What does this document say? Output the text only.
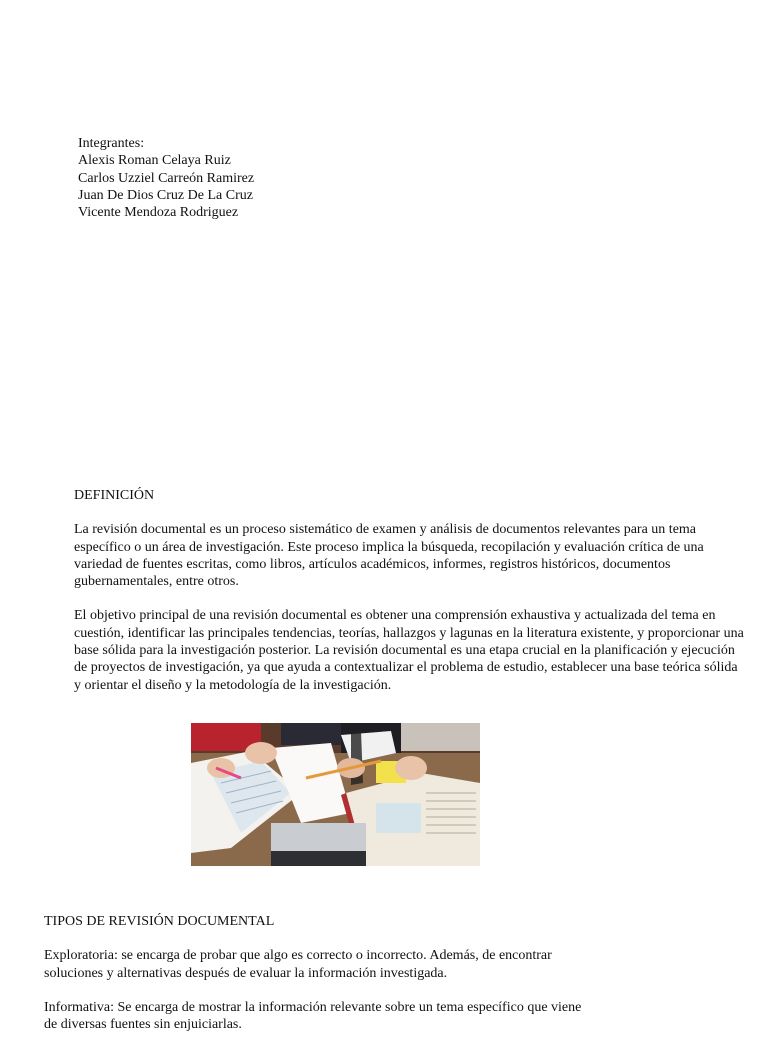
Integrantes:
Alexis Roman Celaya Ruiz
Carlos Uzziel Carreón Ramirez
Juan De Dios Cruz De La Cruz
Vicente Mendoza Rodriguez

DEFINICIÓN

La revisión documental es un proceso sistemático de examen y análisis de documentos relevantes para un tema específico o un área de investigación. Este proceso implica la búsqueda, recopilación y evaluación crítica de una variedad de fuentes escritas, como libros, artículos académicos, informes, registros históricos, documentos gubernamentales, entre otros.

El objetivo principal de una revisión documental es obtener una comprensión exhaustiva y actualizada del tema en cuestión, identificar las principales tendencias, teorías, hallazgos y lagunas en la literatura existente, y proporcionar una base sólida para la investigación posterior. La revisión documental es una etapa crucial en la planificación y ejecución de proyectos de investigación, ya que ayuda a contextualizar el problema de estudio, establecer una base teórica sólida y orientar el diseño y la metodología de la investigación.

TIPOS DE REVISIÓN DOCUMENTAL

Exploratoria: se encarga de probar que algo es correcto o incorrecto. Además, de encontrar soluciones y alternativas después de evaluar la información investigada.

Informativa: Se encarga de mostrar la información relevante sobre un tema específico que viene de diversas fuentes sin enjuiciarlas.
